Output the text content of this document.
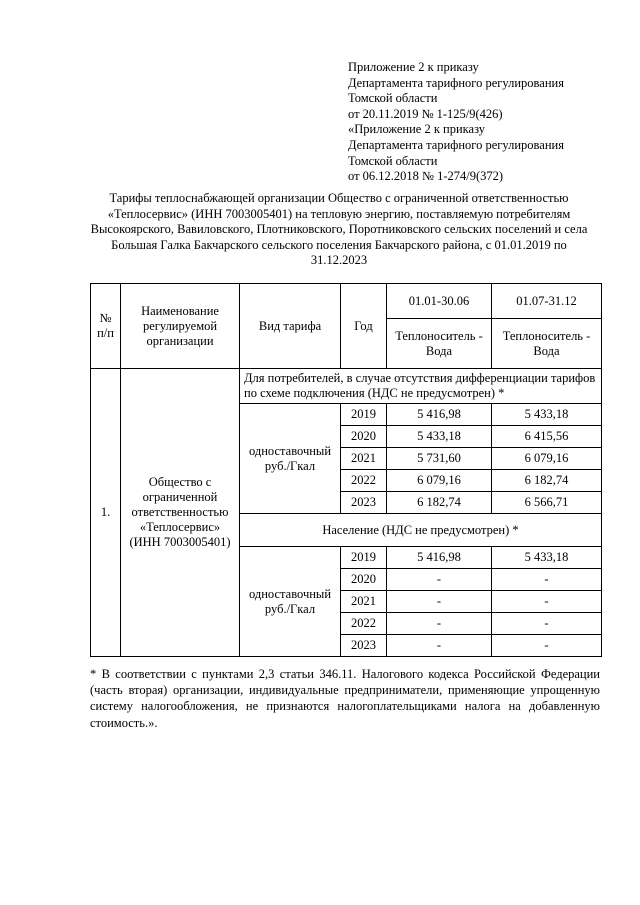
Приложение 2 к приказу
Департамента тарифного регулирования
Томской области
от 20.11.2019 № 1-125/9(426)
«Приложение 2 к приказу
Департамента тарифного регулирования
Томской области
от 06.12.2018 № 1-274/9(372)
Тарифы теплоснабжающей организации Общество с ограниченной ответственностью «Теплосервис» (ИНН 7003005401) на тепловую энергию, поставляемую потребителям Высокоярского, Вавиловского, Плотниковского, Поротниковского сельских поселений и села Большая Галка Бакчарского сельского поселения Бакчарского района, с 01.01.2019 по 31.12.2023
№ п/п	Наименование регулируемой организации	Вид тарифа	Год	01.01-30.06	01.07-31.12
				Теплоноситель - Вода	Теплоноситель - Вода
1.	Общество с ограниченной ответственностью «Теплосервис» (ИНН 7003005401)	Для потребителей, в случае отсутствия дифференциации тарифов по схеме подключения (НДС не предусмотрен) *			
		одноставочный руб./Гкал	2019	5 416,98	5 433,18
			2020	5 433,18	6 415,56
			2021	5 731,60	6 079,16
			2022	6 079,16	6 182,74
			2023	6 182,74	6 566,71
		Население (НДС не предусмотрен) *			
		одноставочный руб./Гкал	2019	5 416,98	5 433,18
			2020	-	-
			2021	-	-
			2022	-	-
			2023	-	-
* В соответствии с пунктами 2,3 статьи 346.11. Налогового кодекса Российской Федерации (часть вторая) организации, индивидуальные предприниматели, применяющие упрощенную систему налогообложения, не признаются налогоплательщиками налога на добавленную стоимость.».
